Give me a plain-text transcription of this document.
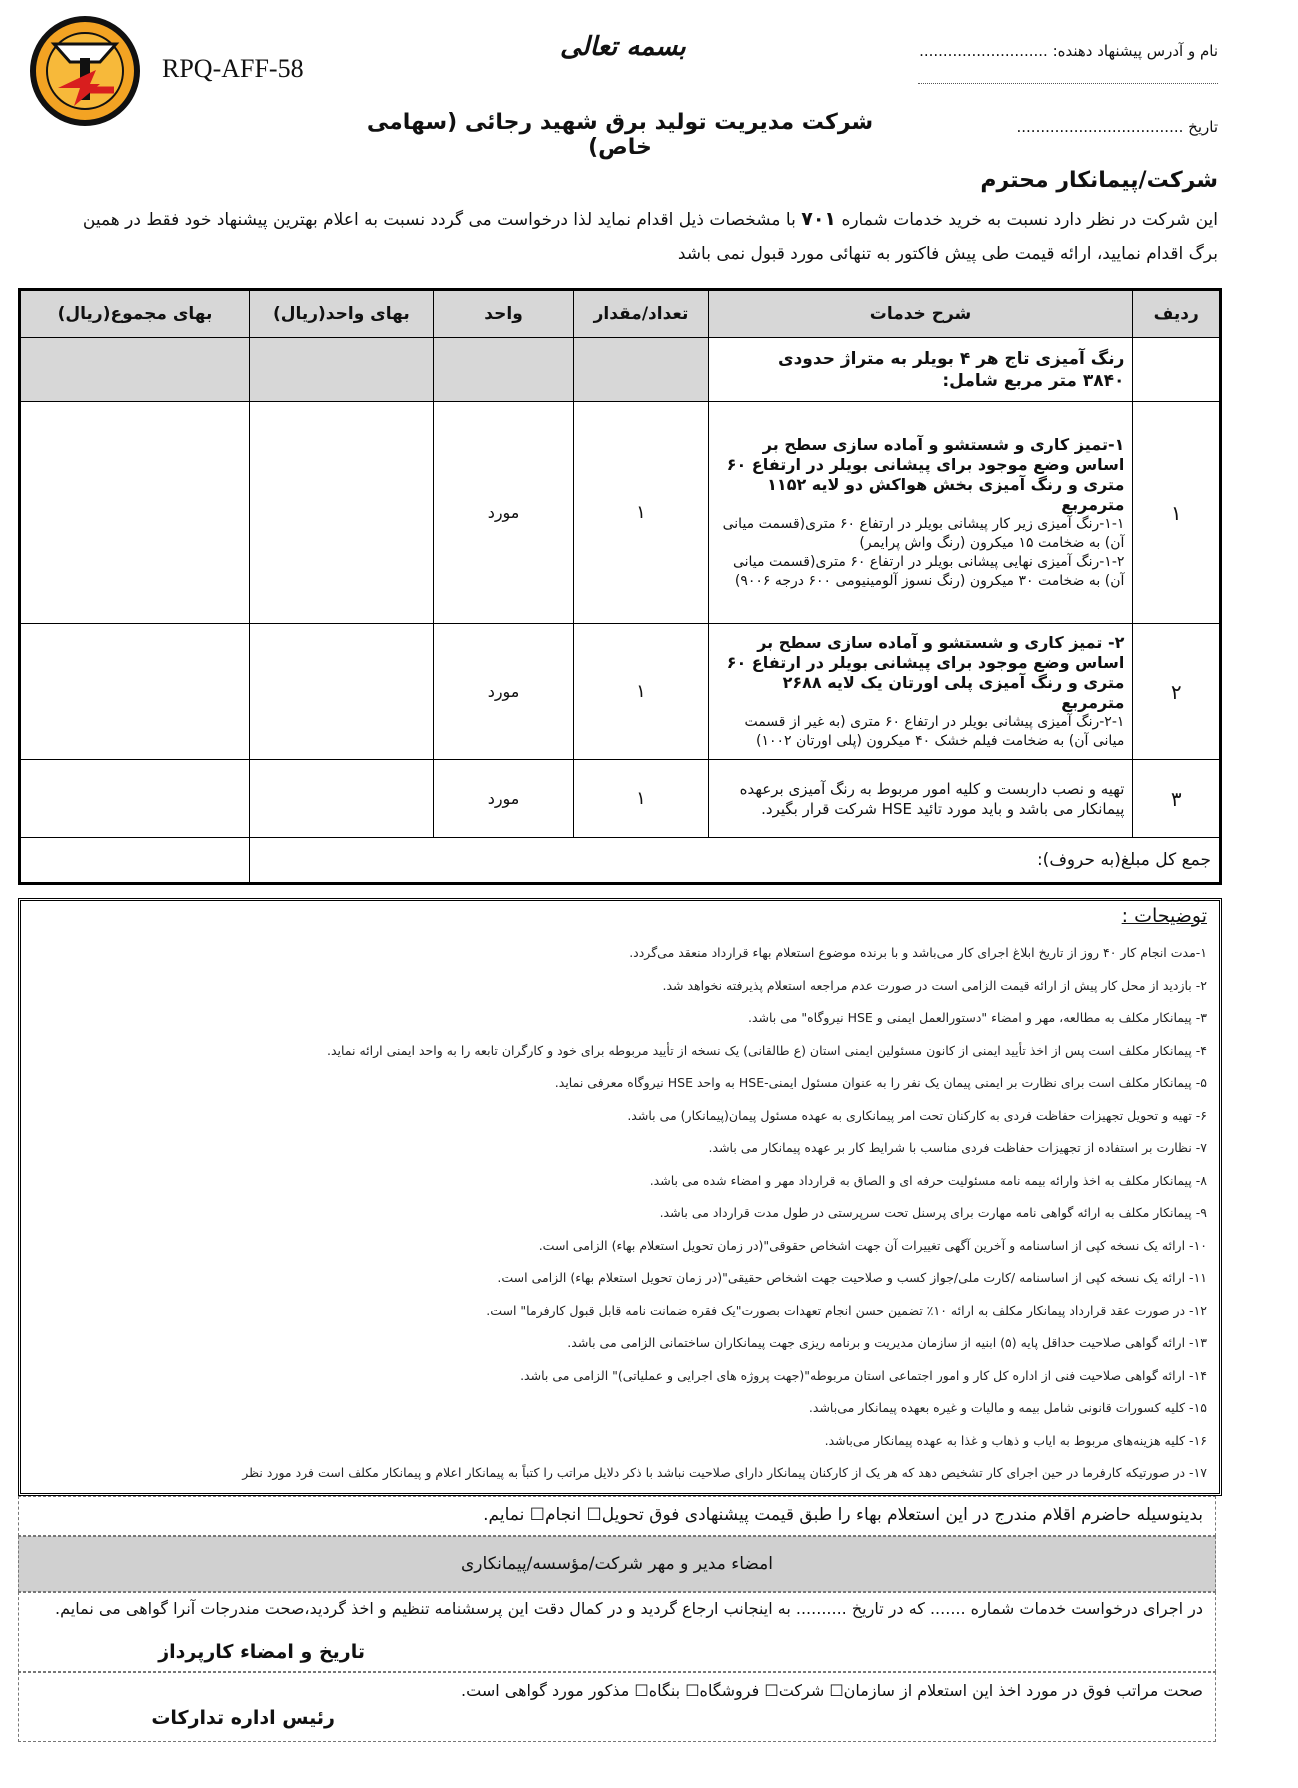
RPQ-AFF-58
بسمه تعالی
شرکت مدیریت تولید برق شهید رجائی (سهامی خاص)
نام و آدرس پیشنهاد دهنده: ...........................
تاریخ ...................................
شرکت/پیمانکار محترم
این شرکت در نظر دارد نسبت به خرید خدمات شماره ۷۰۱ با مشخصات ذیل اقدام نماید لذا درخواست می گردد نسبت به اعلام بهترین پیشنهاد خود فقط در همین برگ اقدام نمایید، ارائه قیمت طی پیش فاکتور به تنهائی مورد قبول نمی باشد
ردیف	شرح خدمات	تعداد/مقدار	واحد	بهای واحد(ریال)	بهای مجموع(ریال)

	رنگ آمیزی تاج هر ۴ بویلر به متراژ حدودی
۳۸۴۰ متر مربع شامل:				

۱	۱-تمیز کاری و شستشو و آماده سازی سطح بر اساس وضع موجود برای پیشانی بویلر در ارتفاع ۶۰ متری و رنگ آمیزی بخش هواکش دو لایه ۱۱۵۲ مترمربع
۱-۱-رنگ آمیزی زیر کار پیشانی بویلر در ارتفاع ۶۰ متری(قسمت میانی آن) به ضخامت ۱۵ میکرون (رنگ واش پرایمر)
۱-۲-رنگ آمیزی نهایی پیشانی بویلر در ارتفاع ۶۰ متری(قسمت میانی آن) به ضخامت ۳۰ میکرون (رنگ نسوز آلومینیومی ۶۰۰ درجه ۹۰۰۶)	۱	مورد		
۲	۲- تمیز کاری و شستشو و آماده سازی سطح بر اساس وضع موجود برای پیشانی بویلر در ارتفاع ۶۰ متری و رنگ آمیزی پلی اورتان یک لایه ۲۶۸۸ مترمربع
۲-۱-رنگ آمیزی پیشانی بویلر در ارتفاع ۶۰ متری (به غیر از قسمت میانی آن) به ضخامت فیلم خشک ۴۰ میکرون (پلی اورتان ۱۰۰۲)	۱	مورد		
۳	تهیه و نصب داربست و کلیه امور مربوط به رنگ آمیزی برعهده پیمانکار می باشد و باید مورد تائید HSE شرکت قرار بگیرد.	۱	مورد		
جمع کل مبلغ(به حروف):					
توضیحات :
۱-مدت انجام کار ۴۰ روز از تاریخ ابلاغ اجرای کار می‌باشد و با برنده موضوع استعلام بهاء قرارداد منعقد می‌گردد.
۲- بازدید از محل کار پیش از ارائه قیمت الزامی است در صورت عدم مراجعه استعلام پذیرفته نخواهد شد.
۳- پیمانکار مکلف به مطالعه، مهر و امضاء "دستورالعمل ایمنی و HSE نیروگاه" می باشد.
۴- پیمانکار مکلف است پس از اخذ تأیید ایمنی از کانون مسئولین ایمنی استان (ع طالقانی) یک نسخه از تأیید مربوطه برای خود و کارگران تابعه را به واحد ایمنی ارائه نماید.
۵- پیمانکار مکلف است برای نظارت بر ایمنی پیمان یک نفر را به عنوان مسئول ایمنی-HSE به واحد HSE نیروگاه معرفی نماید.
۶- تهیه و تحویل تجهیزات حفاظت فردی به کارکنان تحت امر پیمانکاری به عهده مسئول پیمان(پیمانکار) می باشد.
۷- نظارت بر استفاده از تجهیزات حفاظت فردی مناسب با شرایط کار بر عهده پیمانکار می باشد.
۸- پیمانکار مکلف به اخذ وارائه بیمه نامه مسئولیت حرفه ای و الصاق به قرارداد مهر و امضاء شده می باشد.
۹- پیمانکار مکلف به ارائه گواهی نامه مهارت برای پرسنل تحت سرپرستی در طول مدت قرارداد می باشد.
۱۰- ارائه یک نسخه کپی از اساسنامه و آخرین آگهی تغییرات آن جهت اشخاص حقوقی"(در زمان تحویل استعلام بهاء) الزامی است.
۱۱- ارائه یک نسخه کپی از اساسنامه /کارت ملی/جواز کسب و صلاحیت جهت اشخاص حقیقی"(در زمان تحویل استعلام بهاء) الزامی است.
۱۲- در صورت عقد قرارداد پیمانکار مکلف به ارائه ۱۰٪ تضمین حسن انجام تعهدات بصورت"یک فقره ضمانت نامه قابل قبول کارفرما" است.
۱۳- ارائه گواهی صلاحیت حداقل پایه (۵) ابنیه از سازمان مدیریت و برنامه ریزی جهت پیمانکاران ساختمانی الزامی می باشد.
۱۴- ارائه گواهی صلاحیت فنی از اداره کل کار و امور اجتماعی استان مربوطه"(جهت پروژه های اجرایی و عملیاتی)" الزامی می باشد.
۱۵- کلیه کسورات قانونی شامل بیمه و مالیات و غیره بعهده پیمانکار می‌باشد.
۱۶- کلیه هزینه‌های مربوط به ایاب و ذهاب و غذا به عهده پیمانکار می‌باشد.
۱۷- در صورتیکه کارفرما در حین اجرای کار تشخیص دهد که هر یک از کارکنان پیمانکار دارای صلاحیت نباشد با ذکر دلایل مراتب را کتباً به پیمانکار اعلام و پیمانکار مکلف است فرد مورد نظر
بدینوسیله حاضرم اقلام مندرج در این استعلام بهاء را طبق قیمت پیشنهادی فوق تحویل☐ انجام☐ نمایم.
امضاء مدیر و مهر شرکت/مؤسسه/پیمانکاری
در اجرای درخواست خدمات شماره ....... که در تاریخ .......... به اینجانب ارجاع گردید و در کمال دقت این پرسشنامه تنظیم و اخذ گردید،صحت مندرجات آنرا گواهی می نمایم.
تاریخ و امضاء کارپرداز
صحت مراتب فوق در مورد اخذ این استعلام از سازمان☐ شرکت☐ فروشگاه☐ بنگاه☐ مذکور مورد گواهی است.
رئیس اداره تدارکات
